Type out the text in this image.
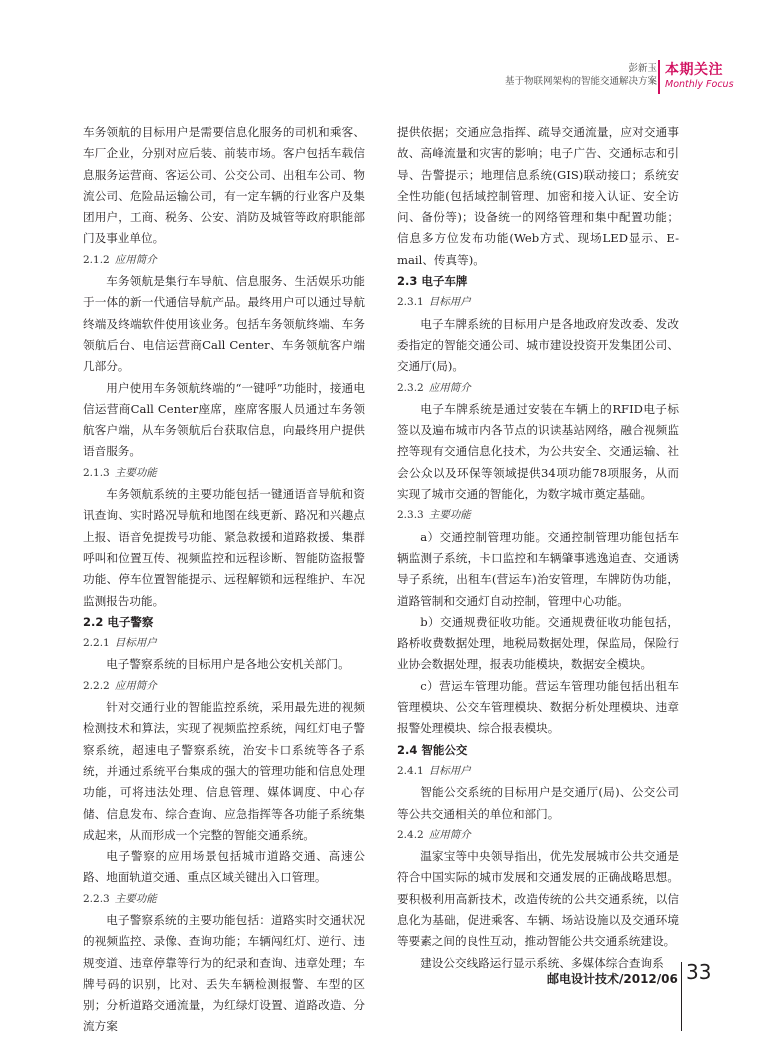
彭新玉
基于物联网架构的智能交通解决方案
本期关注
Monthly Focus

车务领航的目标用户是需要信息化服务的司机和乘客、车厂企业，分别对应后装、前装市场。客户包括车载信息服务运营商、客运公司、公交公司、出租车公司、物流公司、危险品运输公司，有一定车辆的行业客户及集团用户，工商、税务、公安、消防及城管等政府职能部门及事业单位。

2.1.2 应用简介

车务领航是集行车导航、信息服务、生活娱乐功能于一体的新一代通信导航产品。最终用户可以通过导航终端及终端软件使用该业务。包括车务领航终端、车务领航后台、电信运营商Call Center、车务领航客户端几部分。

用户使用车务领航终端的“一键呼”功能时，接通电信运营商Call Center座席，座席客服人员通过车务领航客户端，从车务领航后台获取信息，向最终用户提供语音服务。

2.1.3 主要功能

车务领航系统的主要功能包括一键通语音导航和资讯查询、实时路况导航和地图在线更新、路况和兴趣点上报、语音免提拨号功能、紧急救援和道路救援、集群呼叫和位置互传、视频监控和远程诊断、智能防盗报警功能、停车位置智能提示、远程解锁和远程维护、车况监测报告功能。

2.2 电子警察
2.2.1 目标用户

电子警察系统的目标用户是各地公安机关部门。

2.2.2 应用简介

针对交通行业的智能监控系统，采用最先进的视频检测技术和算法，实现了视频监控系统，闯红灯电子警察系统，超速电子警察系统，治安卡口系统等各子系统，并通过系统平台集成的强大的管理功能和信息处理功能，可将违法处理、信息管理、媒体调度、中心存储、信息发布、综合查询、应急指挥等各功能子系统集成起来，从而形成一个完整的智能交通系统。

电子警察的应用场景包括城市道路交通、高速公路、地面轨道交通、重点区域关键出入口管理。

2.2.3 主要功能

电子警察系统的主要功能包括：道路实时交通状况的视频监控、录像、查询功能；车辆闯红灯、逆行、违规变道、违章停靠等行为的纪录和查询、违章处理；车牌号码的识别，比对、丢失车辆检测报警、车型的区别；分析道路交通流量，为红绿灯设置、道路改造、分流方案

提供依据；交通应急指挥、疏导交通流量，应对交通事故、高峰流量和灾害的影响；电子广告、交通标志和引导、告警提示；地理信息系统(GIS)联动接口；系统安全性功能(包括域控制管理、加密和接入认证、安全访问、备份等)；设备统一的网络管理和集中配置功能；信息多方位发布功能(Web方式、现场LED显示、E-mail、传真等)。

2.3 电子车牌
2.3.1 目标用户

电子车牌系统的目标用户是各地政府发改委、发改委指定的智能交通公司、城市建设投资开发集团公司、交通厅(局)。

2.3.2 应用简介

电子车牌系统是通过安装在车辆上的RFID电子标签以及遍布城市内各节点的识读基站网络，融合视频监控等现有交通信息化技术，为公共安全、交通运输、社会公众以及环保等领域提供34项功能78项服务，从而实现了城市交通的智能化，为数字城市奠定基础。

2.3.3 主要功能

a）交通控制管理功能。交通控制管理功能包括车辆监测子系统，卡口监控和车辆肇事逃逸追查、交通诱导子系统，出租车(营运车)治安管理，车牌防伪功能，道路管制和交通灯自动控制，管理中心功能。

b）交通规费征收功能。交通规费征收功能包括，路桥收费数据处理，地税局数据处理，保监局，保险行业协会数据处理，报表功能模块，数据安全模块。

c）营运车管理功能。营运车管理功能包括出租车管理模块、公交车管理模块、数据分析处理模块、违章报警处理模块、综合报表模块。

2.4 智能公交
2.4.1 目标用户

智能公交系统的目标用户是交通厅(局)、公交公司等公共交通相关的单位和部门。

2.4.2 应用简介

温家宝等中央领导指出，优先发展城市公共交通是符合中国实际的城市发展和交通发展的正确战略思想。要积极利用高新技术，改造传统的公共交通系统，以信息化为基础，促进乘客、车辆、场站设施以及交通环境等要素之间的良性互动，推动智能公共交通系统建设。

建设公交线路运行显示系统、多媒体综合查询系

邮电设计技术/2012/06 33
